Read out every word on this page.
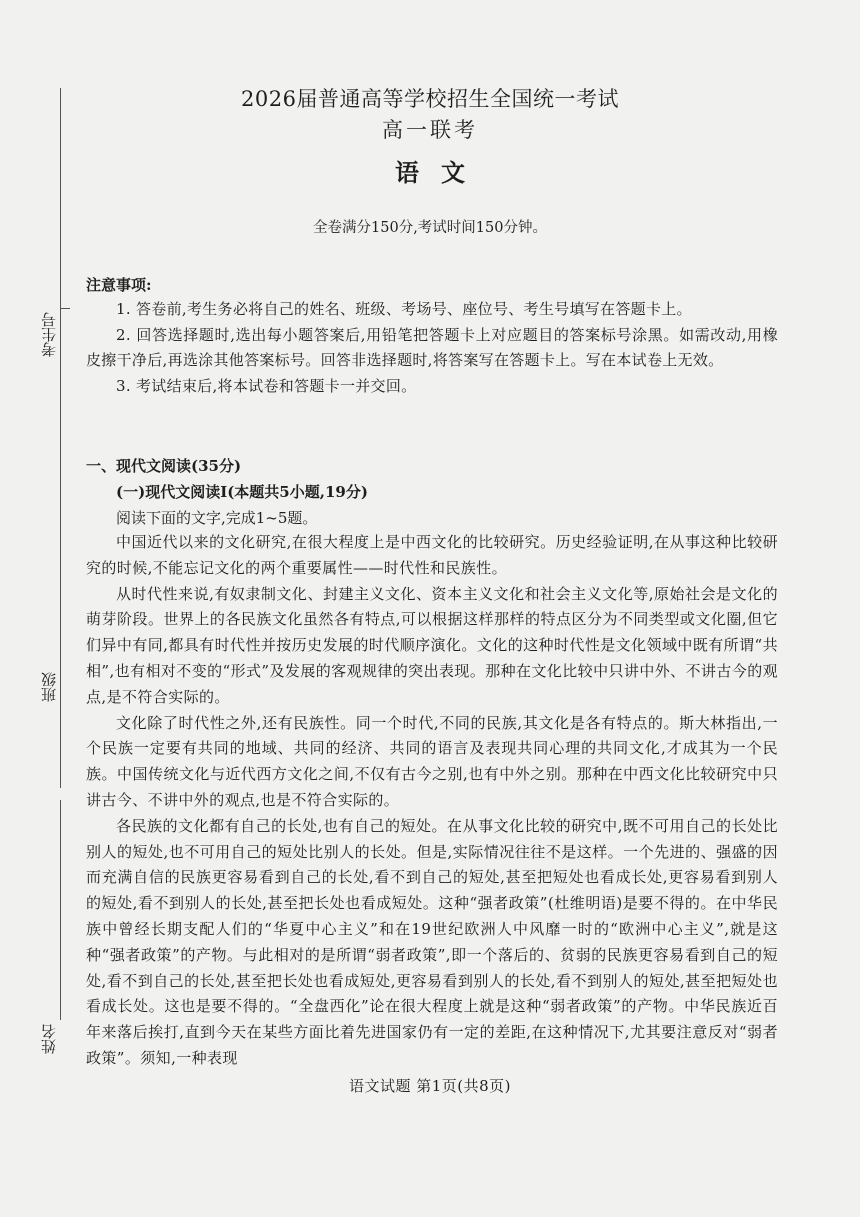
考生号
班级
姓名
2026届普通高等学校招生全国统一考试
高一联考
语文
全卷满分150分,考试时间150分钟。
注意事项:

1. 答卷前,考生务必将自己的姓名、班级、考场号、座位号、考生号填写在答题卡上。

2. 回答选择题时,选出每小题答案后,用铅笔把答题卡上对应题目的答案标号涂黑。如需改动,用橡皮擦干净后,再选涂其他答案标号。回答非选择题时,将答案写在答题卡上。写在本试卷上无效。

3. 考试结束后,将本试卷和答题卡一并交回。

一、现代文阅读(35分)
(一)现代文阅读Ⅰ(本题共5小题,19分)
阅读下面的文字,完成1~5题。

中国近代以来的文化研究,在很大程度上是中西文化的比较研究。历史经验证明,在从事这种比较研究的时候,不能忘记文化的两个重要属性——时代性和民族性。

从时代性来说,有奴隶制文化、封建主义文化、资本主义文化和社会主义文化等,原始社会是文化的萌芽阶段。世界上的各民族文化虽然各有特点,可以根据这样那样的特点区分为不同类型或文化圈,但它们异中有同,都具有时代性并按历史发展的时代顺序演化。文化的这种时代性是文化领域中既有所谓“共相”,也有相对不变的“形式”及发展的客观规律的突出表现。那种在文化比较中只讲中外、不讲古今的观点,是不符合实际的。

文化除了时代性之外,还有民族性。同一个时代,不同的民族,其文化是各有特点的。斯大林指出,一个民族一定要有共同的地域、共同的经济、共同的语言及表现共同心理的共同文化,才成其为一个民族。中国传统文化与近代西方文化之间,不仅有古今之别,也有中外之别。那种在中西文化比较研究中只讲古今、不讲中外的观点,也是不符合实际的。

各民族的文化都有自己的长处,也有自己的短处。在从事文化比较的研究中,既不可用自己的长处比别人的短处,也不可用自己的短处比别人的长处。但是,实际情况往往不是这样。一个先进的、强盛的因而充满自信的民族更容易看到自己的长处,看不到自己的短处,甚至把短处也看成长处,更容易看到别人的短处,看不到别人的长处,甚至把长处也看成短处。这种“强者政策”(杜维明语)是要不得的。在中华民族中曾经长期支配人们的“华夏中心主义”和在19世纪欧洲人中风靡一时的“欧洲中心主义”,就是这种“强者政策”的产物。与此相对的是所谓“弱者政策”,即一个落后的、贫弱的民族更容易看到自己的短处,看不到自己的长处,甚至把长处也看成短处,更容易看到别人的长处,看不到别人的短处,甚至把短处也看成长处。这也是要不得的。“全盘西化”论在很大程度上就是这种“弱者政策”的产物。中华民族近百年来落后挨打,直到今天在某些方面比着先进国家仍有一定的差距,在这种情况下,尤其要注意反对“弱者政策”。须知,一种表现

语文试题 第1页(共8页)
